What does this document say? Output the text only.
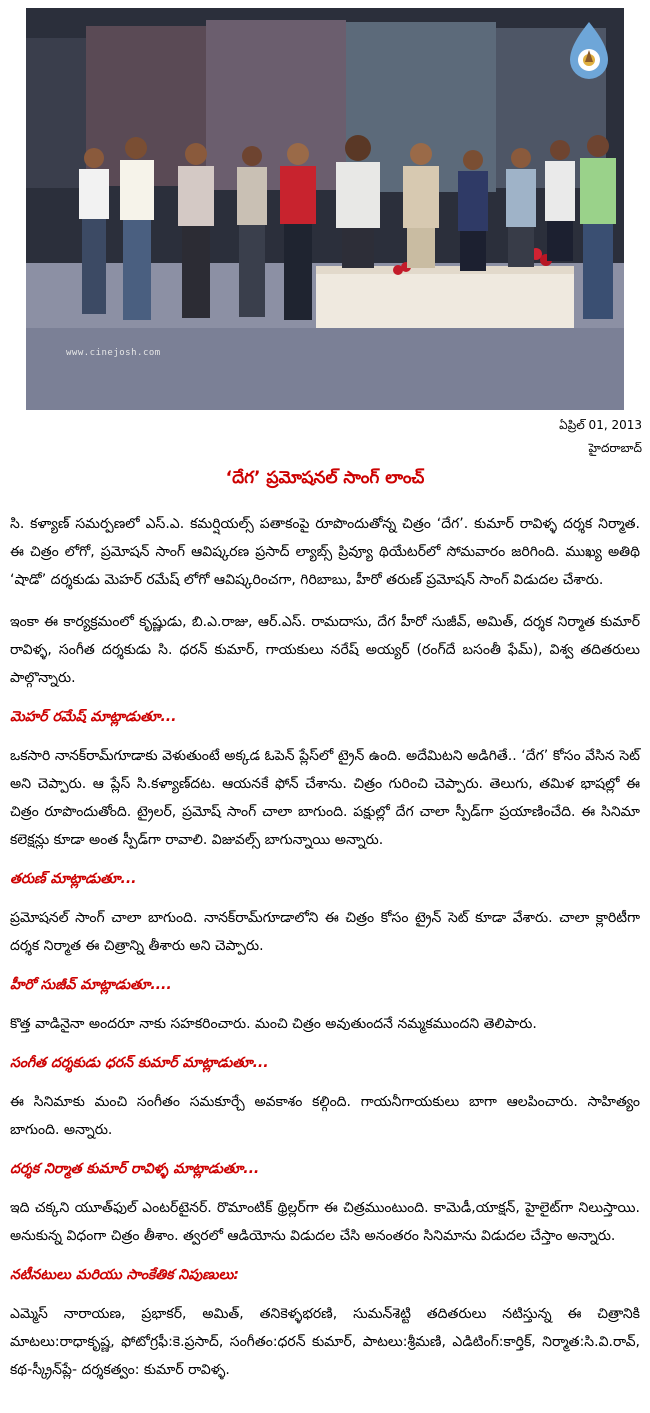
www.cinejosh.com
ఏప్రిల్ 01, 2013
హైదరాబాద్
‘దేగ’ ప్రమోషనల్ సాంగ్ లాంచ్

సి. కళ్యాణ్ సమర్పణలో ఎస్.ఎ. కమర్షియల్స్ పతాకంపై రూపొందుతోన్న చిత్రం ‘దేగ’. కుమార్ రావిళ్ళ దర్శక నిర్మాత. ఈ చిత్రం లోగో, ప్రమోషన్ సాంగ్ ఆవిష్కరణ ప్రసాద్ ల్యాబ్స్ ప్రివ్యూ థియేటర్‌లో సోమవారం జరిగింది. ముఖ్య అతిథి ‘షాడో’ దర్శకుడు మెహర్ రమేష్ లోగో ఆవిష్కరించగా, గిరిబాబు, హీరో తరుణ్ ప్రమోషన్ సాంగ్ విడుదల చేశారు.

ఇంకా ఈ కార్యక్రమంలో కృష్ణుడు, బి.ఎ.రాజు, ఆర్.ఎస్. రామదాసు, దేగ హీరో సుజీవ్, అమిత్, దర్శక నిర్మాత కుమార్ రావిళ్ళ, సంగీత దర్శకుడు సి. ధరన్ కుమార్, గాయకులు నరేష్ అయ్యర్ (రంగ్‌దే బసంతీ ఫేమ్), విశ్వ తదితరులు పాల్గొన్నారు.

మెహర్ రమేష్ మాట్లాడుతూ...

ఒకసారి నానక్‌రామ్‌గూడాకు వెళుతుంటే అక్కడ ఓపెన్ ప్లేస్‌లో ట్రైన్ ఉంది. అదేమిటని అడిగితే.. ‘దేగ’ కోసం వేసిన సెట్ అని చెప్పారు. ఆ ప్లేస్ సి.కళ్యాణ్‌దట. ఆయనకే ఫోన్ చేశాను. చిత్రం గురించి చెప్పారు. తెలుగు, తమిళ భాషల్లో ఈ చిత్రం రూపొందుతోంది. ట్రైలర్, ప్రమోష్ సాంగ్ చాలా బాగుంది. పక్షుల్లో దేగ చాలా స్పీడ్‌గా ప్రయాణించేది. ఈ సినిమా కలెక్షన్లు కూడా అంత స్పీడ్‌గా రావాలి. విజువల్స్ బాగున్నాయి అన్నారు.

తరుణ్ మాట్లాడుతూ...

ప్రమోషనల్ సాంగ్ చాలా బాగుంది. నానక్‌రామ్‌గూడాలోని ఈ చిత్రం కోసం ట్రైన్ సెట్ కూడా వేశారు. చాలా క్లారిటీగా దర్శక నిర్మాత ఈ చిత్రాన్ని తీశారు అని చెప్పారు.

హీరో సుజీవ్ మాట్లాడుతూ....

కొత్త వాడినైనా అందరూ నాకు సహకరించారు. మంచి చిత్రం అవుతుందనే నమ్మకముందని తెలిపారు.

సంగీత దర్శకుడు ధరన్ కుమార్ మాట్లాడుతూ...

ఈ సినిమాకు మంచి సంగీతం సమకూర్చే అవకాశం కల్గింది. గాయనీగాయకులు బాగా ఆలపించారు. సాహిత్యం బాగుంది. అన్నారు.

దర్శక నిర్మాత కుమార్ రావిళ్ళ మాట్లాడుతూ...

ఇది చక్కని యూత్‌ఫుల్ ఎంటర్‌టైనర్. రొమాంటిక్ థ్రిల్లర్‌గా ఈ చిత్రముంటుంది. కామెడీ,యాక్షన్, హైలైట్‌గా నిలుస్తాయి. అనుకున్న విధంగా చిత్రం తీశాం. త్వరలో ఆడియోను విడుదల చేసి అనంతరం సినిమాను విడుదల చేస్తాం అన్నారు.

నటీనటులు మరియు సాంకేతిక నిపుణులు:

ఎమ్మెస్ నారాయణ, ప్రభాకర్, అమిత్, తనికెళ్ళభరణి, సుమన్‌శెట్టి తదితరులు నటిస్తున్న ఈ చిత్రానికి మాటలు:రాధాకృష్ణ, ఫోటోగ్రఫీ:కె.ప్రసాద్, సంగీతం:ధరన్ కుమార్, పాటలు:శ్రీమణి, ఎడిటింగ్:కార్తిక్, నిర్మాత:సి.వి.రావ్, కథ-స్క్రీన్‌ప్లే- దర్శకత్వం: కుమార్ రావిళ్ళ.
